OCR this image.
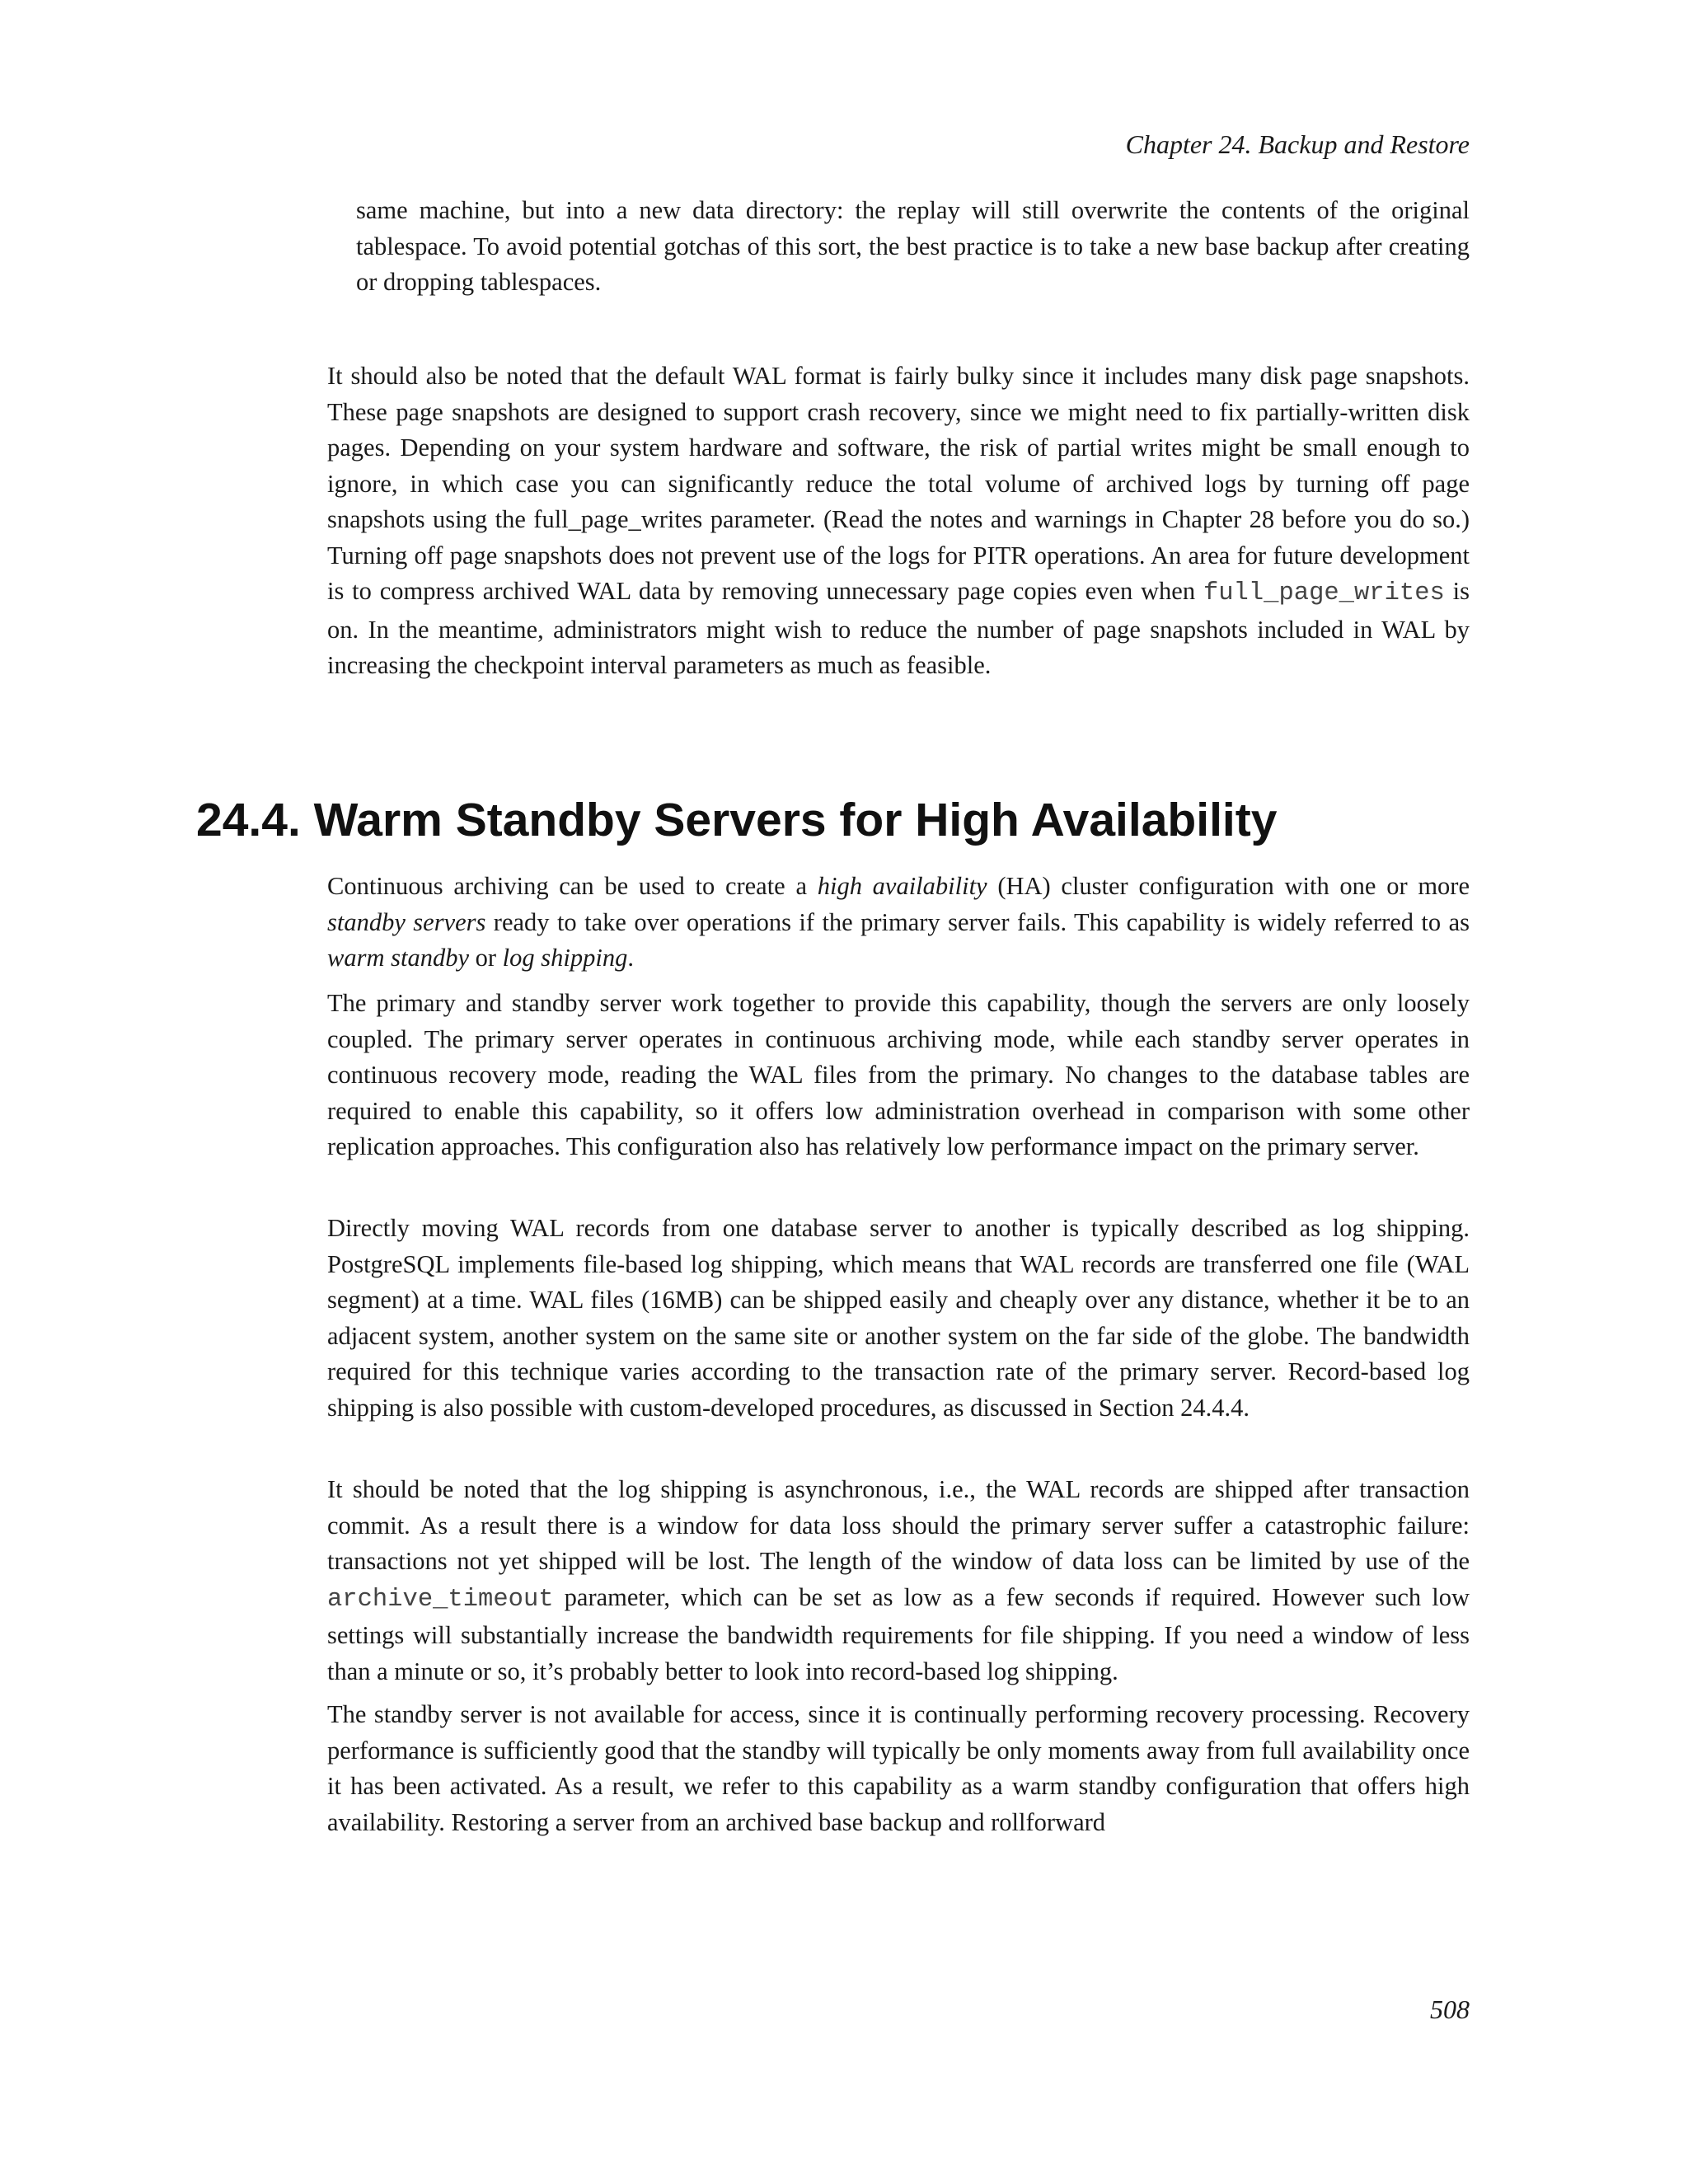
Chapter 24. Backup and Restore

same machine, but into a new data directory: the replay will still overwrite the contents of the original tablespace. To avoid potential gotchas of this sort, the best practice is to take a new base backup after creating or dropping tablespaces.

It should also be noted that the default WAL format is fairly bulky since it includes many disk page snapshots. These page snapshots are designed to support crash recovery, since we might need to fix partially-written disk pages. Depending on your system hardware and software, the risk of partial writes might be small enough to ignore, in which case you can significantly reduce the total volume of archived logs by turning off page snapshots using the full_page_writes parameter. (Read the notes and warnings in Chapter 28 before you do so.) Turning off page snapshots does not prevent use of the logs for PITR operations. An area for future development is to compress archived WAL data by removing unnecessary page copies even when full_page_writes is on. In the meantime, administrators might wish to reduce the number of page snapshots included in WAL by increasing the checkpoint interval parameters as much as feasible.

24.4. Warm Standby Servers for High Availability

Continuous archiving can be used to create a high availability (HA) cluster configuration with one or more standby servers ready to take over operations if the primary server fails. This capability is widely referred to as warm standby or log shipping.

The primary and standby server work together to provide this capability, though the servers are only loosely coupled. The primary server operates in continuous archiving mode, while each standby server operates in continuous recovery mode, reading the WAL files from the primary. No changes to the database tables are required to enable this capability, so it offers low administration overhead in comparison with some other replication approaches. This configuration also has relatively low performance impact on the primary server.

Directly moving WAL records from one database server to another is typically described as log shipping. PostgreSQL implements file-based log shipping, which means that WAL records are transferred one file (WAL segment) at a time. WAL files (16MB) can be shipped easily and cheaply over any distance, whether it be to an adjacent system, another system on the same site or another system on the far side of the globe. The bandwidth required for this technique varies according to the transaction rate of the primary server. Record-based log shipping is also possible with custom-developed procedures, as discussed in Section 24.4.4.

It should be noted that the log shipping is asynchronous, i.e., the WAL records are shipped after transaction commit. As a result there is a window for data loss should the primary server suffer a catastrophic failure: transactions not yet shipped will be lost. The length of the window of data loss can be limited by use of the archive_timeout parameter, which can be set as low as a few seconds if required. However such low settings will substantially increase the bandwidth requirements for file shipping. If you need a window of less than a minute or so, it’s probably better to look into record-based log shipping.

The standby server is not available for access, since it is continually performing recovery processing. Recovery performance is sufficiently good that the standby will typically be only moments away from full availability once it has been activated. As a result, we refer to this capability as a warm standby configuration that offers high availability. Restoring a server from an archived base backup and rollforward

508
